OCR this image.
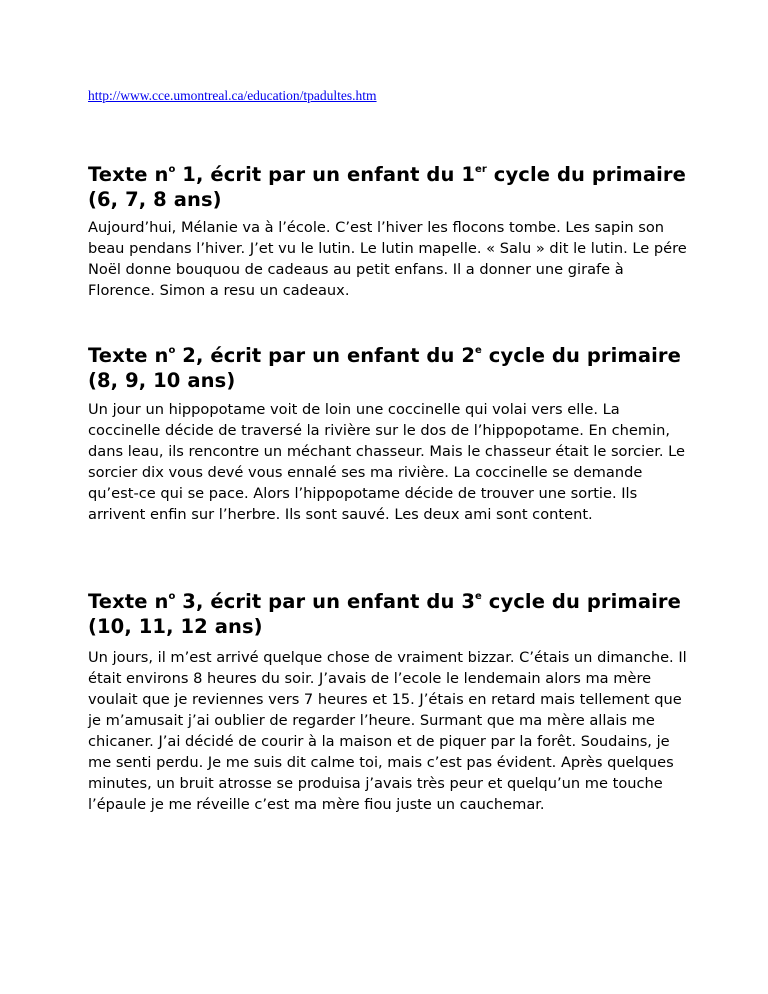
http://www.cce.umontreal.ca/education/tpadultes.htm
Texte $n^o$ 1, écrit par un enfant du 1er cycle du primaire (6, 7, 8 ans)

Aujourd’hui, Mélanie va à l’école. C’est l’hiver les flocons tombe. Les sapin son beau pendans l’hiver. J’et vu le lutin. Le lutin mapelle. « Salu » dit le lutin. Le pére Noël donne bouquou de cadeaus au petit enfans. Il a donner une girafe à Florence. Simon a resu un cadeaux.

Texte $n^o$ 2, écrit par un enfant du 2e cycle du primaire (8, 9, 10 ans)

Un jour un hippopotame voit de loin une coccinelle qui volai vers elle. La coccinelle décide de traversé la rivière sur le dos de l’hippopotame. En chemin, dans leau, ils rencontre un méchant chasseur. Mais le chasseur était le sorcier. Le sorcier dix vous devé vous ennalé ses ma rivière. La coccinelle se demande qu’est-ce qui se pace. Alors l’hippopotame décide de trouver une sortie. Ils arrivent enfin sur l’herbre. Ils sont sauvé. Les deux ami sont content.

Texte $n^o$ 3, écrit par un enfant du 3e cycle du primaire (10, 11, 12 ans)

Un jours, il m’est arrivé quelque chose de vraiment bizzar. C’étais un dimanche. Il était environs 8 heures du soir. J’avais de l’ecole le lendemain alors ma mère voulait que je reviennes vers 7 heures et 15. J’étais en retard mais tellement que je m’amusait j’ai oublier de regarder l’heure. Surmant que ma mère allais me chicaner. J’ai décidé de courir à la maison et de piquer par la forêt. Soudains, je me senti perdu. Je me suis dit calme toi, mais c’est pas évident. Après quelques minutes, un bruit atrosse se produisa j’avais très peur et quelqu’un me touche l’épaule je me réveille c’est ma mère fiou juste un cauchemar.
